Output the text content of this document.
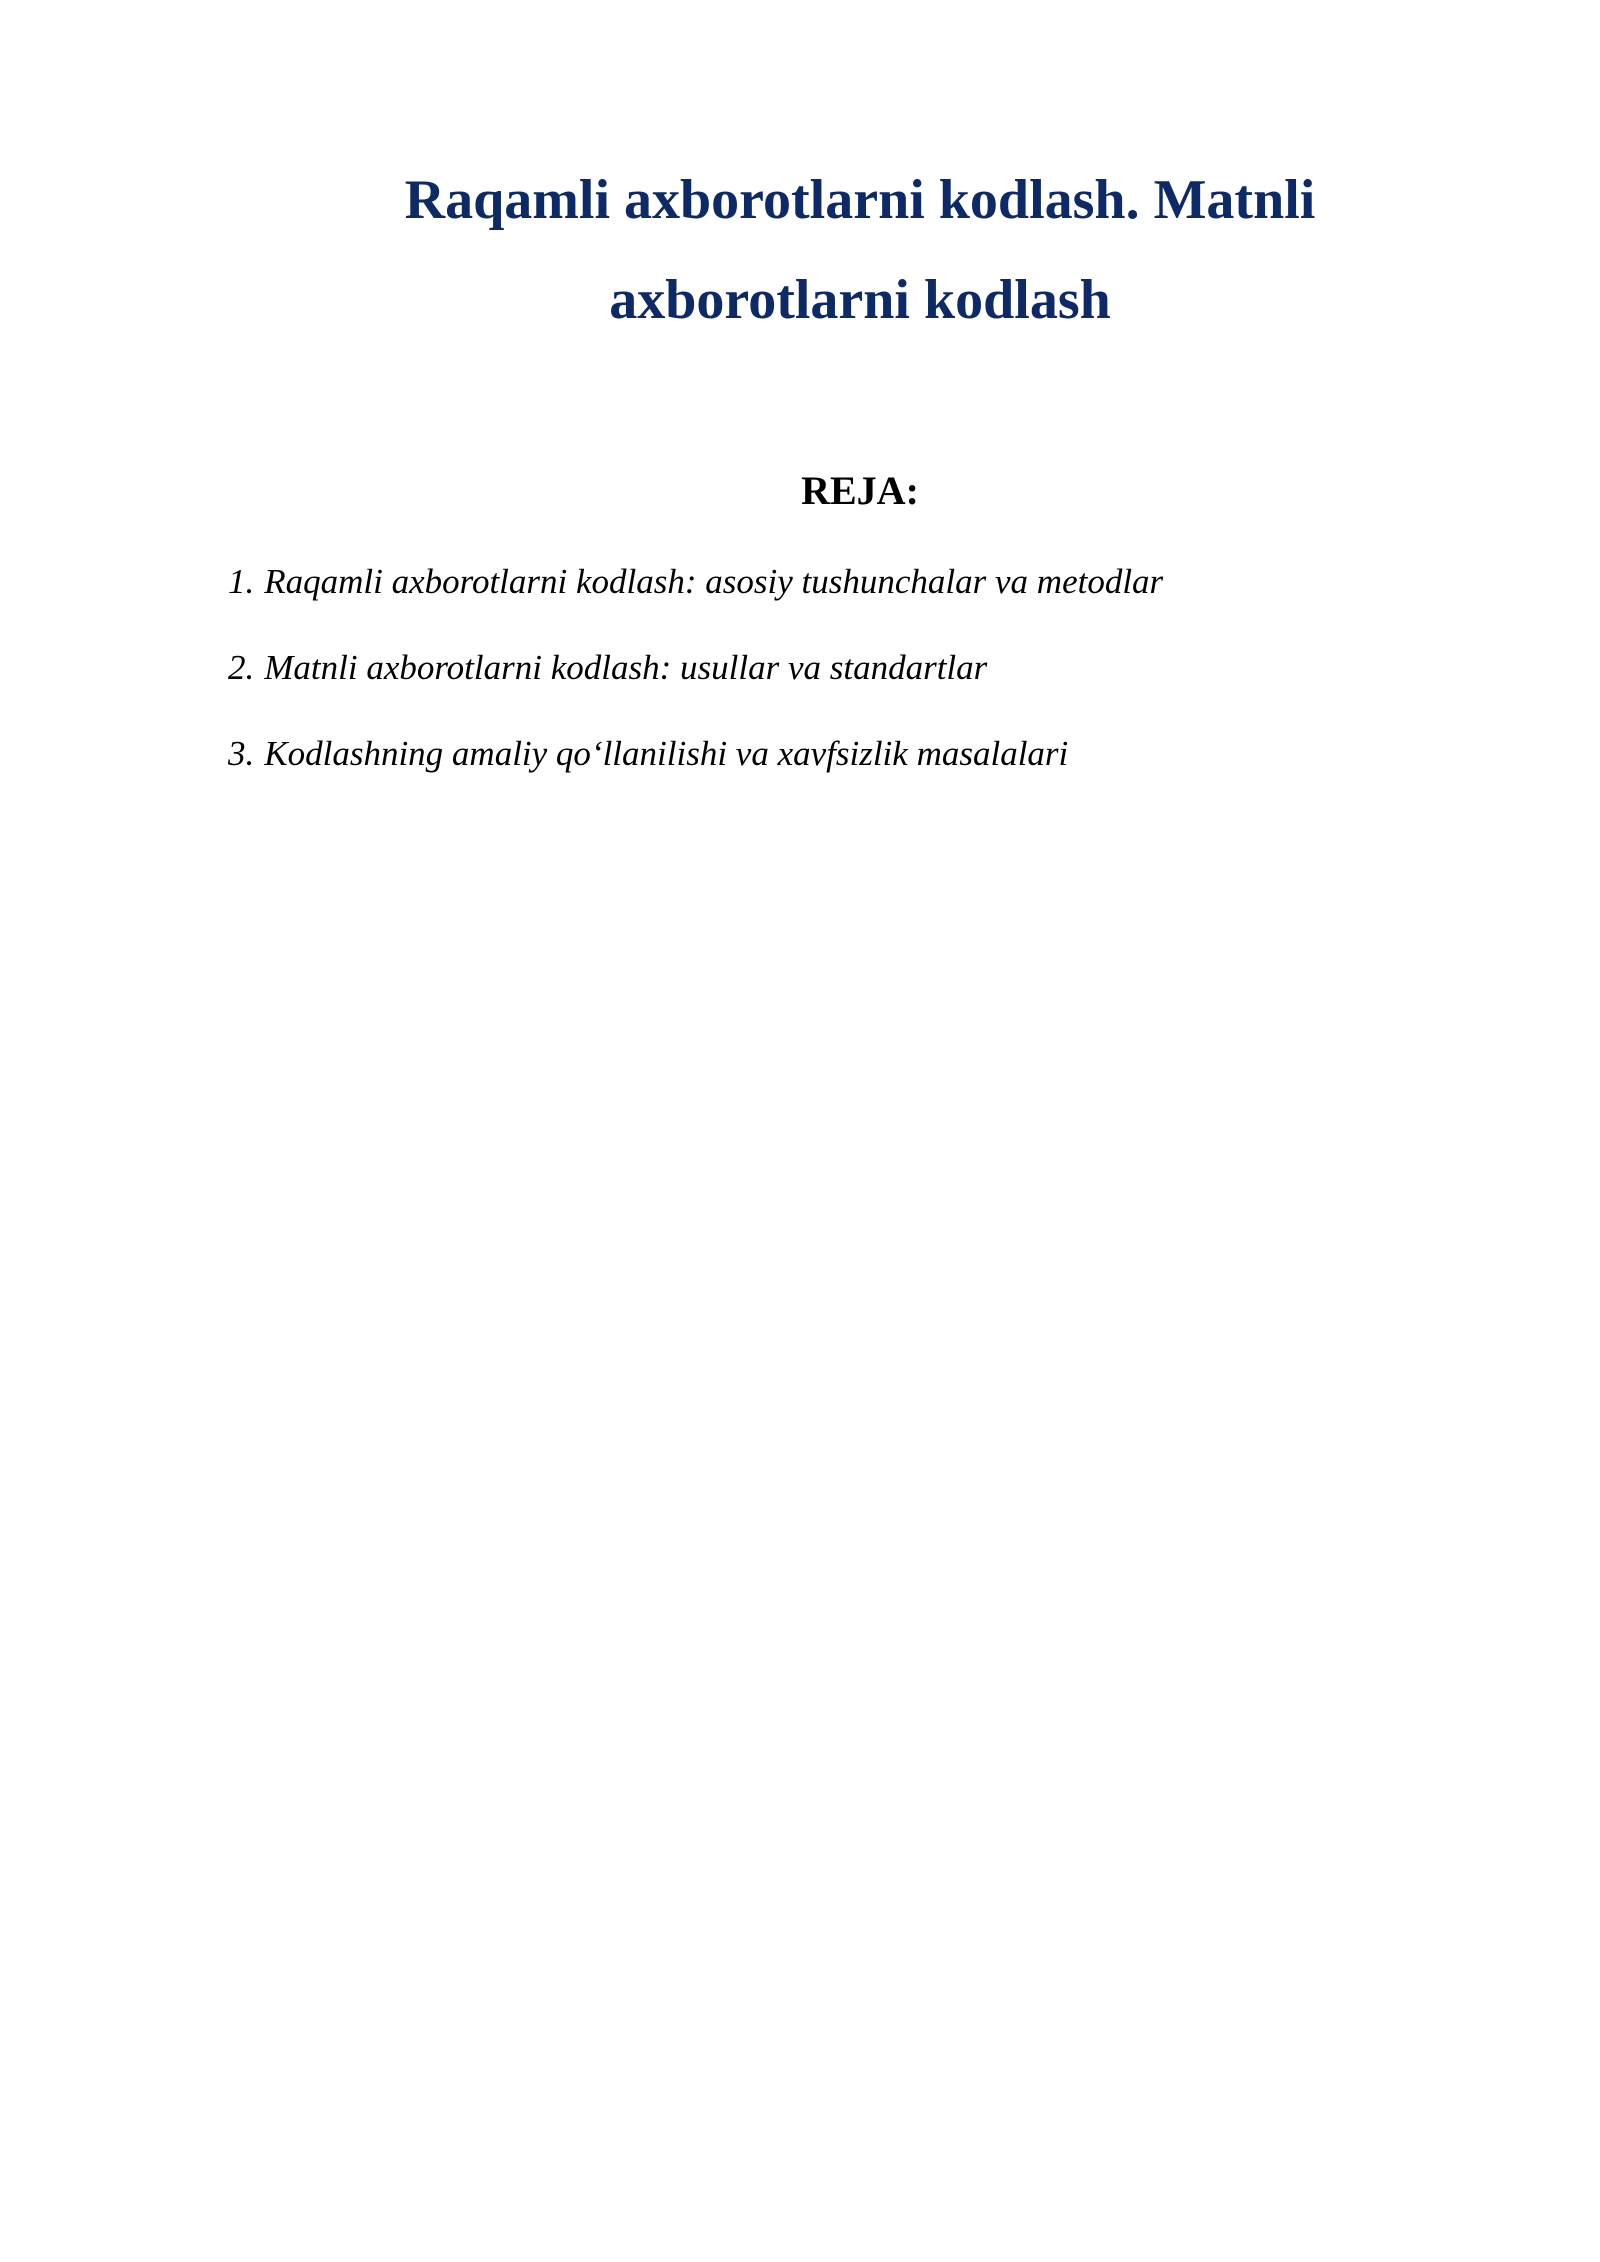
Raqamli axborotlarni kodlash. Matnli
axborotlarni kodlash
REJA:
1. Raqamli axborotlarni kodlash: asosiy tushunchalar va metodlar
2. Matnli axborotlarni kodlash: usullar va standartlar
3. Kodlashning amaliy qo‘llanilishi va xavfsizlik masalalari
